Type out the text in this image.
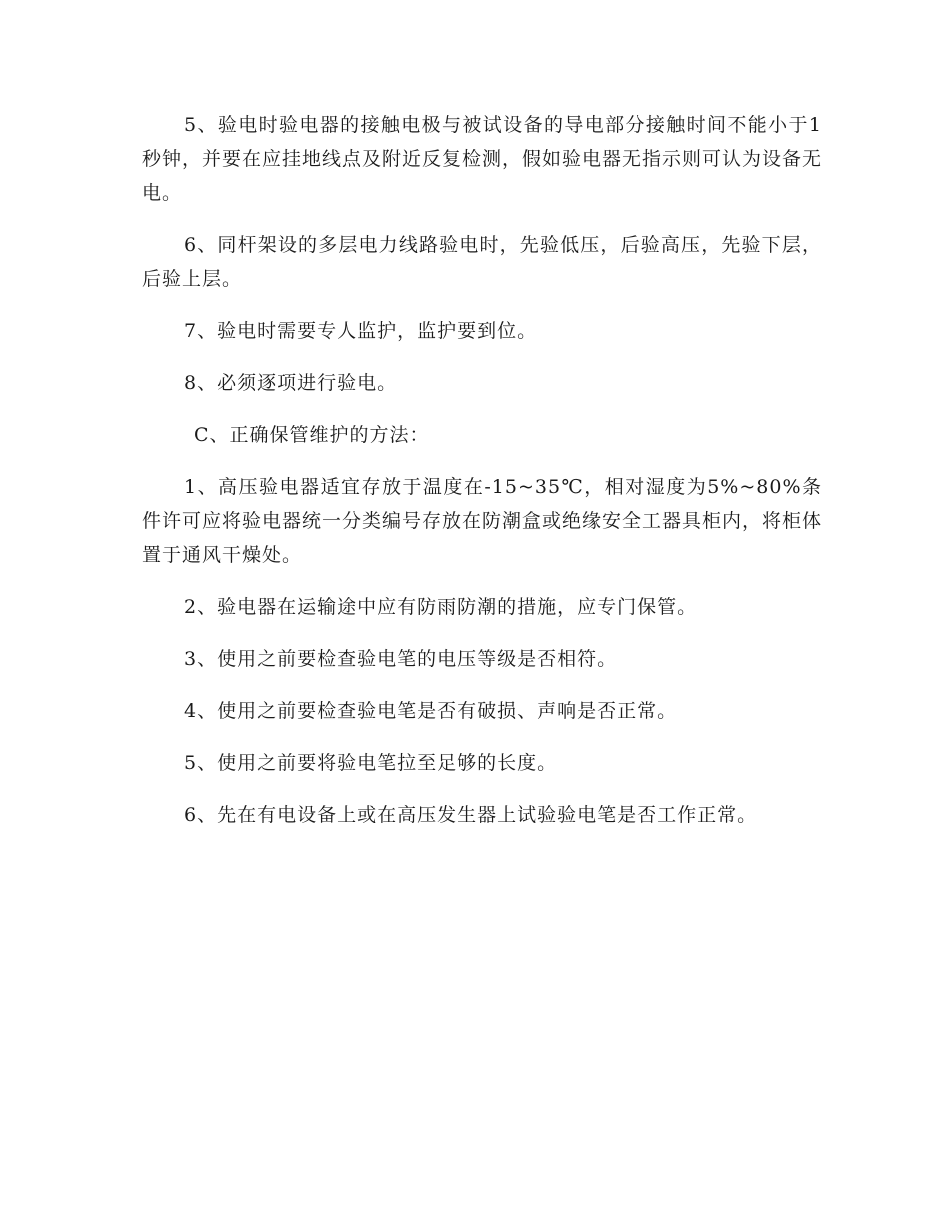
5、验电时验电器的接触电极与被试设备的导电部分接触时间不能小于1秒钟，并要在应挂地线点及附近反复检测，假如验电器无指示则可认为设备无电。

6、同杆架设的多层电力线路验电时，先验低压，后验高压，先验下层，后验上层。

7、验电时需要专人监护，监护要到位。

8、必须逐项进行验电。

C、正确保管维护的方法：

1、高压验电器适宜存放于温度在-15~35℃，相对湿度为5%~80%条件许可应将验电器统一分类编号存放在防潮盒或绝缘安全工器具柜内，将柜体置于通风干燥处。

2、验电器在运输途中应有防雨防潮的措施，应专门保管。

3、使用之前要检查验电笔的电压等级是否相符。

4、使用之前要检查验电笔是否有破损、声响是否正常。

5、使用之前要将验电笔拉至足够的长度。

6、先在有电设备上或在高压发生器上试验验电笔是否工作正常。
